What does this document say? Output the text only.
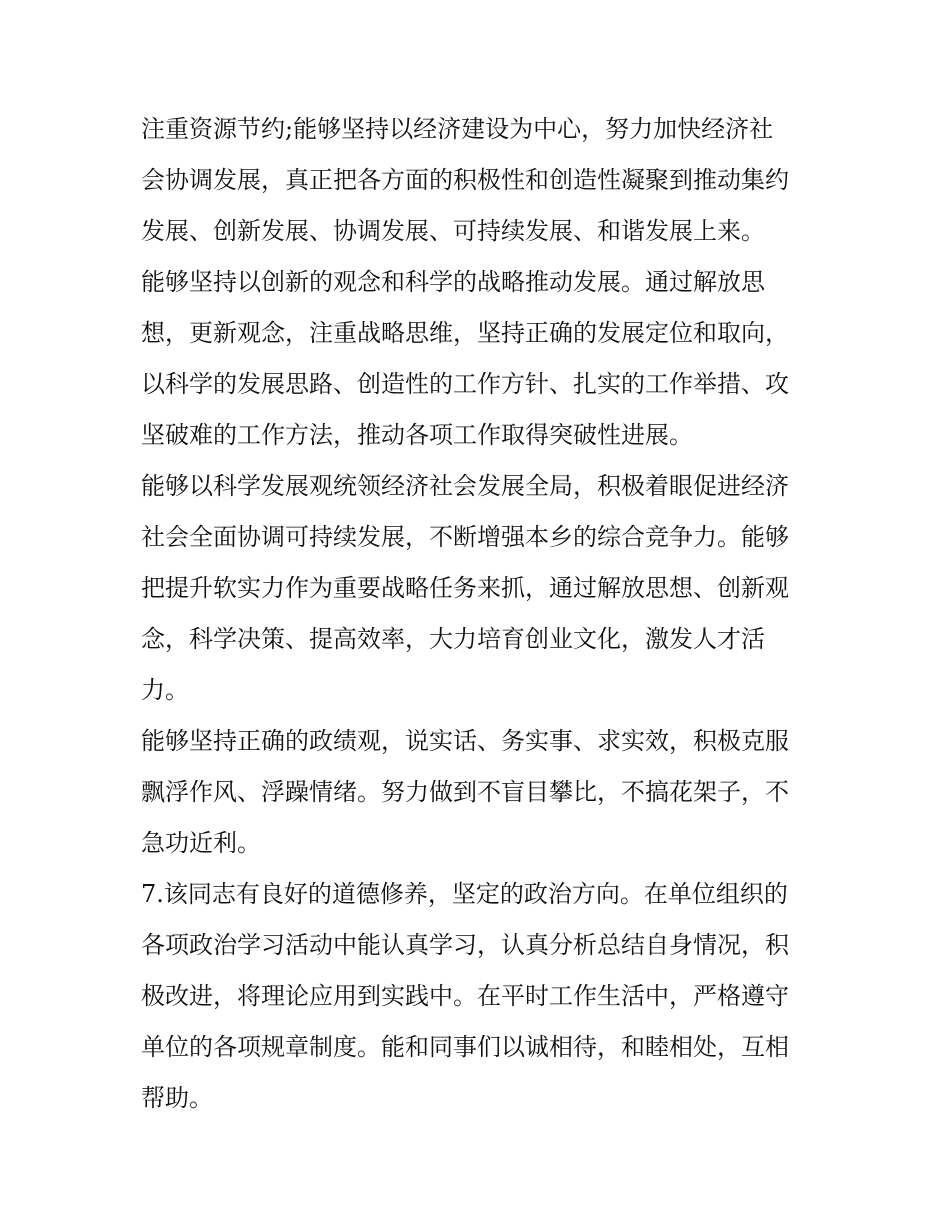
注重资源节约;能够坚持以经济建设为中心，努力加快经济社
会协调发展，真正把各方面的积极性和创造性凝聚到推动集约
发展、创新发展、协调发展、可持续发展、和谐发展上来。
能够坚持以创新的观念和科学的战略推动发展。通过解放思
想，更新观念，注重战略思维，坚持正确的发展定位和取向，
以科学的发展思路、创造性的工作方针、扎实的工作举措、攻
坚破难的工作方法，推动各项工作取得突破性进展。
能够以科学发展观统领经济社会发展全局，积极着眼促进经济
社会全面协调可持续发展，不断增强本乡的综合竞争力。能够
把提升软实力作为重要战略任务来抓，通过解放思想、创新观
念，科学决策、提高效率，大力培育创业文化，激发人才活
力。
能够坚持正确的政绩观，说实话、务实事、求实效，积极克服
飘浮作风、浮躁情绪。努力做到不盲目攀比，不搞花架子，不
急功近利。
7.该同志有良好的道德修养，坚定的政治方向。在单位组织的
各项政治学习活动中能认真学习，认真分析总结自身情况，积
极改进，将理论应用到实践中。在平时工作生活中，严格遵守
单位的各项规章制度。能和同事们以诚相待，和睦相处，互相
帮助。
